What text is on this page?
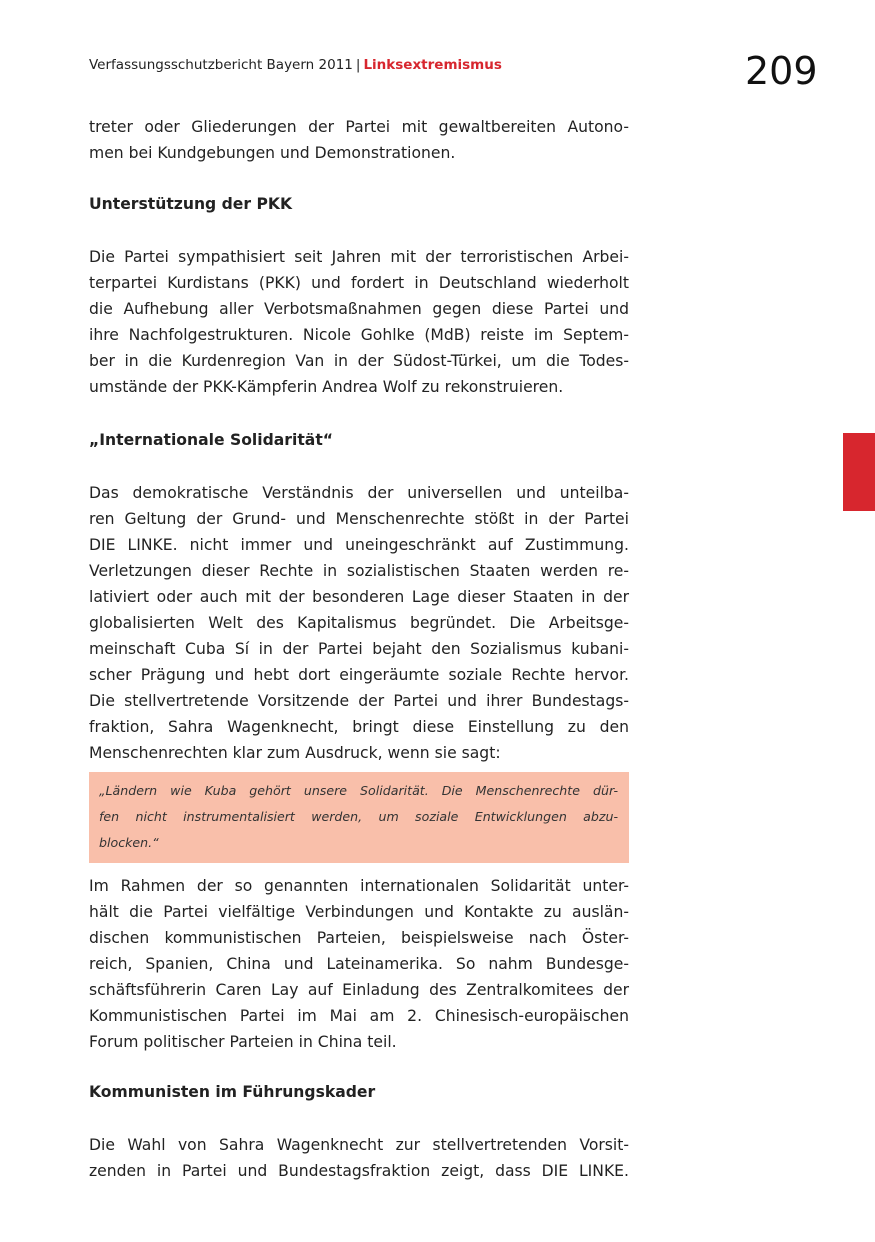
Verfassungsschutzbericht Bayern 2011 | Linksextremismus	209
treter oder Gliederungen der Partei mit gewaltbereiten Autono-
men bei Kundgebungen und Demonstrationen.
Unterstützung der PKK
Die Partei sympathisiert seit Jahren mit der terroristischen Arbei-
terpartei Kurdistans (PKK) und fordert in Deutschland wiederholt
die Aufhebung aller Verbotsmaßnahmen gegen diese Partei und
ihre Nachfolgestrukturen. Nicole Gohlke (MdB) reiste im Septem-
ber in die Kurdenregion Van in der Südost-Türkei, um die Todes-
umstände der PKK-Kämpferin Andrea Wolf zu rekonstruieren.
„Internationale Solidarität“
Das demokratische Verständnis der universellen und unteilba-
ren Geltung der Grund- und Menschenrechte stößt in der Partei
DIE LINKE. nicht immer und uneingeschränkt auf Zustimmung.
Verletzungen dieser Rechte in sozialistischen Staaten werden re-
lativiert oder auch mit der besonderen Lage dieser Staaten in der
globalisierten Welt des Kapitalismus begründet. Die Arbeitsge-
meinschaft Cuba Sí in der Partei bejaht den Sozialismus kubani-
scher Prägung und hebt dort eingeräumte soziale Rechte hervor.
Die stellvertretende Vorsitzende der Partei und ihrer Bundestags-
fraktion, Sahra Wagenknecht, bringt diese Einstellung zu den
Menschenrechten klar zum Ausdruck, wenn sie sagt:
„Ländern wie Kuba gehört unsere Solidarität. Die Menschenrechte dür-
fen nicht instrumentalisiert werden, um soziale Entwicklungen abzu-
blocken.“
Im Rahmen der so genannten internationalen Solidarität unter-
hält die Partei vielfältige Verbindungen und Kontakte zu auslän-
dischen kommunistischen Parteien, beispielsweise nach Öster-
reich, Spanien, China und Lateinamerika. So nahm Bundesge-
schäftsführerin Caren Lay auf Einladung des Zentralkomitees der
Kommunistischen Partei im Mai am 2. Chinesisch-europäischen
Forum politischer Parteien in China teil.
Kommunisten im Führungskader
Die Wahl von Sahra Wagenknecht zur stellvertretenden Vorsit-
zenden in Partei und Bundestagsfraktion zeigt, dass DIE LINKE.
